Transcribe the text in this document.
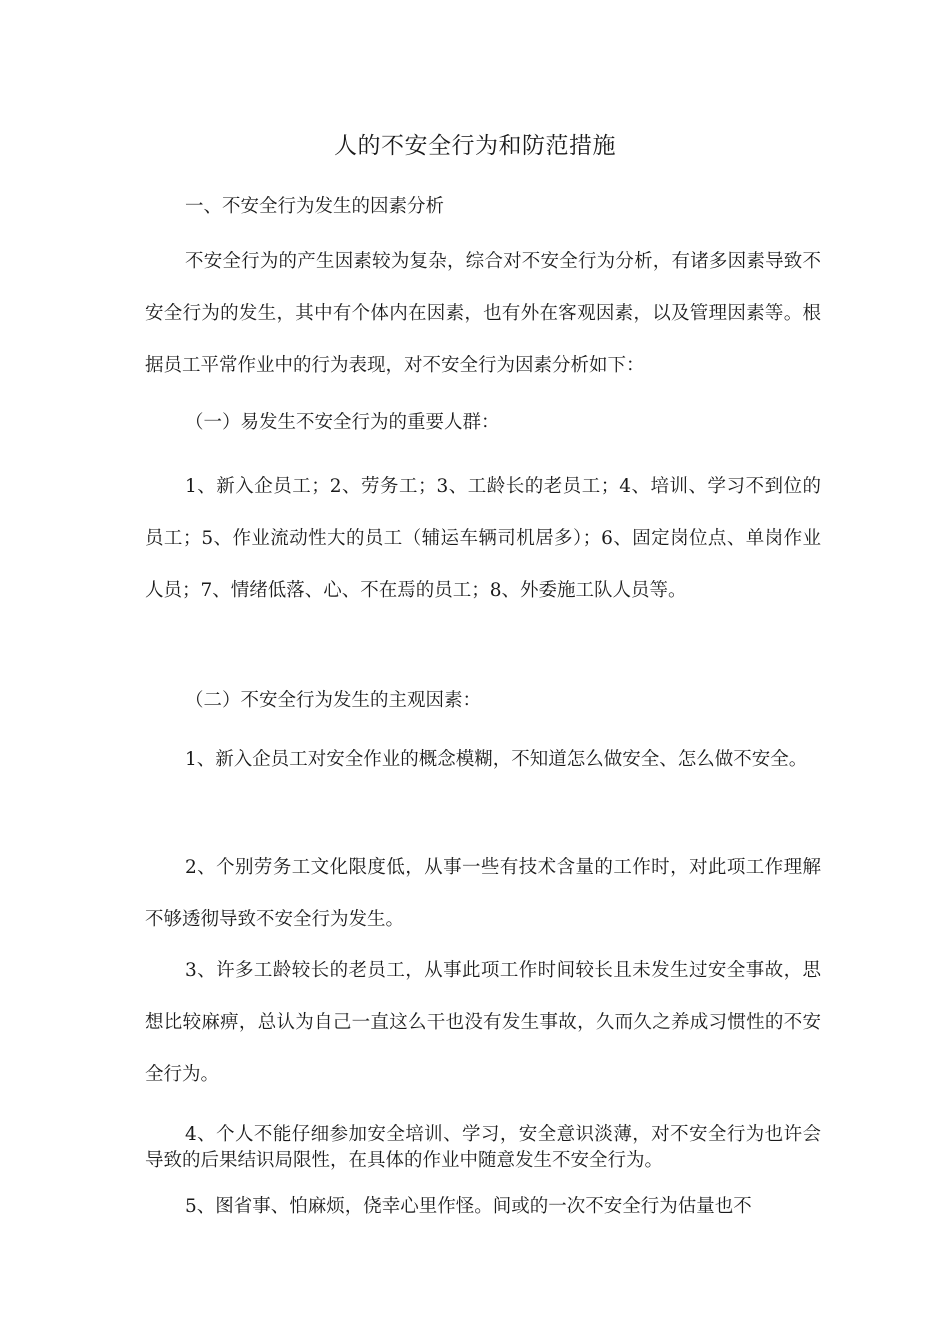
人的不安全行为和防范措施

一、不安全行为发生的因素分析

不安全行为的产生因素较为复杂，综合对不安全行为分析，有诸多因素导致不安全行为的发生，其中有个体内在因素，也有外在客观因素，以及管理因素等。根据员工平常作业中的行为表现，对不安全行为因素分析如下：

（一）易发生不安全行为的重要人群：

1、新入企员工；2、劳务工；3、工龄长的老员工；4、培训、学习不到位的员工；5、作业流动性大的员工（辅运车辆司机居多）；6、固定岗位点、单岗作业人员；7、情绪低落、心、不在焉的员工；8、外委施工队人员等。

（二）不安全行为发生的主观因素：

1、新入企员工对安全作业的概念模糊，不知道怎么做安全、怎么做不安全。

2、个别劳务工文化限度低，从事一些有技术含量的工作时，对此项工作理解不够透彻导致不安全行为发生。

3、许多工龄较长的老员工，从事此项工作时间较长且未发生过安全事故，思想比较麻痹，总认为自己一直这么干也没有发生事故，久而久之养成习惯性的不安全行为。

4、个人不能仔细参加安全培训、学习，安全意识淡薄，对不安全行为也许会导致的后果结识局限性，在具体的作业中随意发生不安全行为。

5、图省事、怕麻烦，侥幸心里作怪。间或的一次不安全行为估量也不
